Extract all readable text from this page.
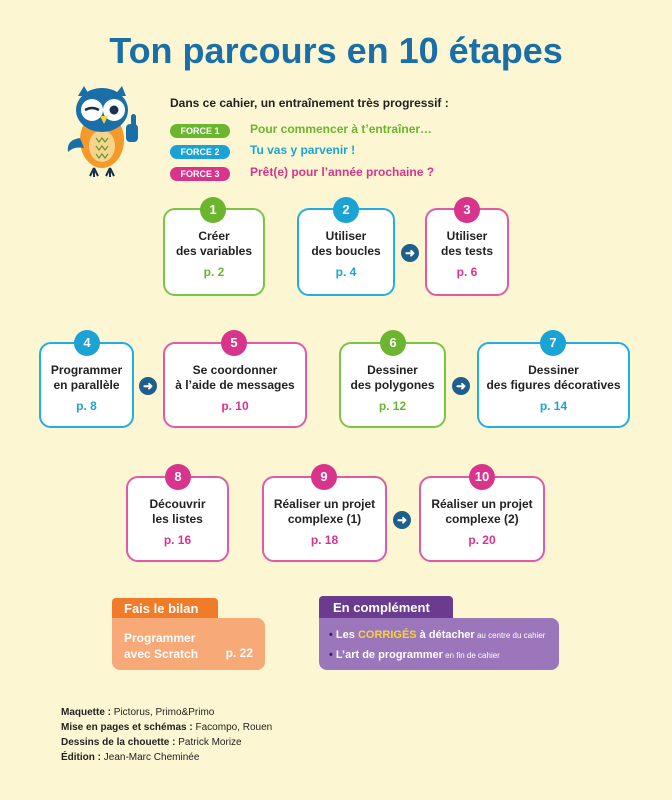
Ton parcours en 10 étapes
Dans ce cahier, un entraînement très progressif :
FORCE 1	Pour commencer à t’entraîner…
FORCE 2	Tu vas y parvenir !
FORCE 3	Prêt(e) pour l’année prochaine ?
Créer
des variables
p. 2
1
Utiliser
des boucles
p. 4
2
➜
Utiliser
des tests
p. 6
3
Programmer
en parallèle
p. 8
4
➜
Se coordonner
à l’aide de messages
p. 10
5
Dessiner
des polygones
p. 12
6
➜
Dessiner
des figures décoratives
p. 14
7
Découvrir
les listes
p. 16
8
Réaliser un projet
complexe (1)
p. 18
9
➜
Réaliser un projet
complexe (2)
p. 20
10
Fais le bilan
Programmer
avec Scratch p. 22
En complément
• Les CORRIGÉS à détacher au centre du cahier
• L’art de programmer en fin de cahier
Maquette : Pictorus, Primo&Primo
Mise en pages et schémas : Facompo, Rouen
Dessins de la chouette : Patrick Morize
Édition : Jean-Marc Cheminée
